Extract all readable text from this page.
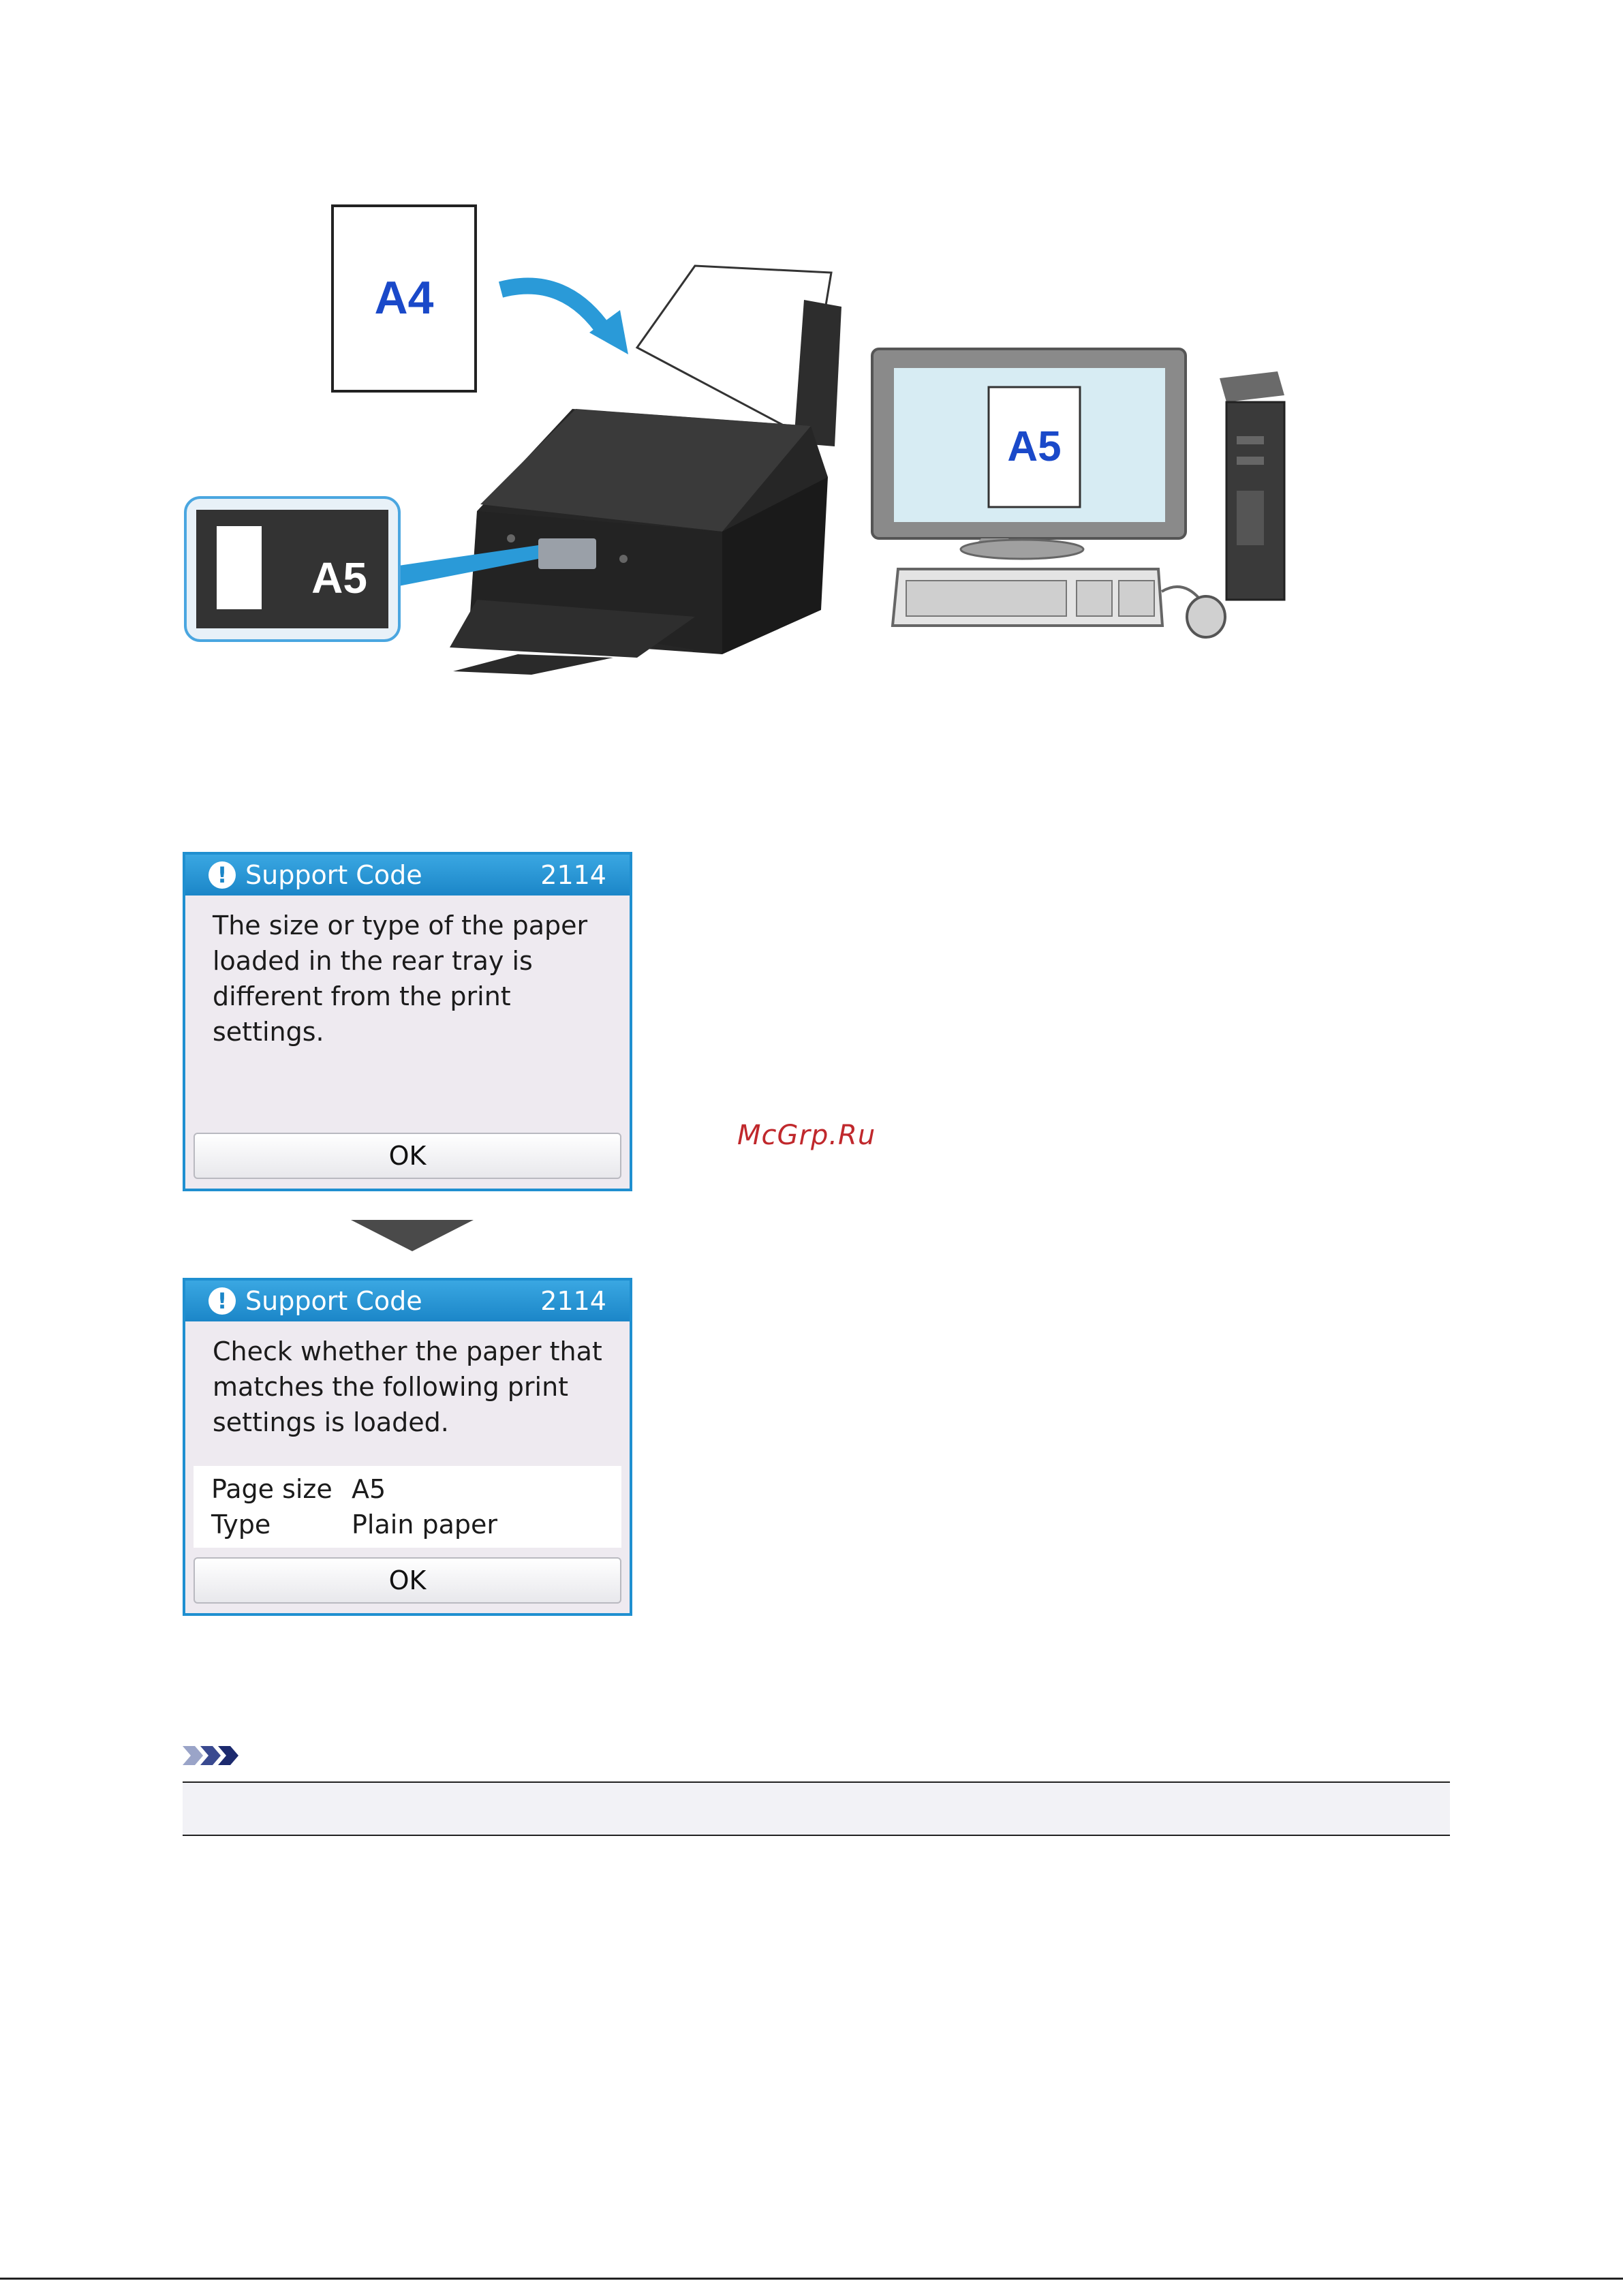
A4
A5
A5
! Support Code	2114
The size or type of the paper
loaded in the rear tray is
different from the print settings.
OK
! Support Code	2114
Check whether the paper that
matches the following print
settings is loaded.
Page size A5
Type	Plain paper
OK
McGrp.Ru
